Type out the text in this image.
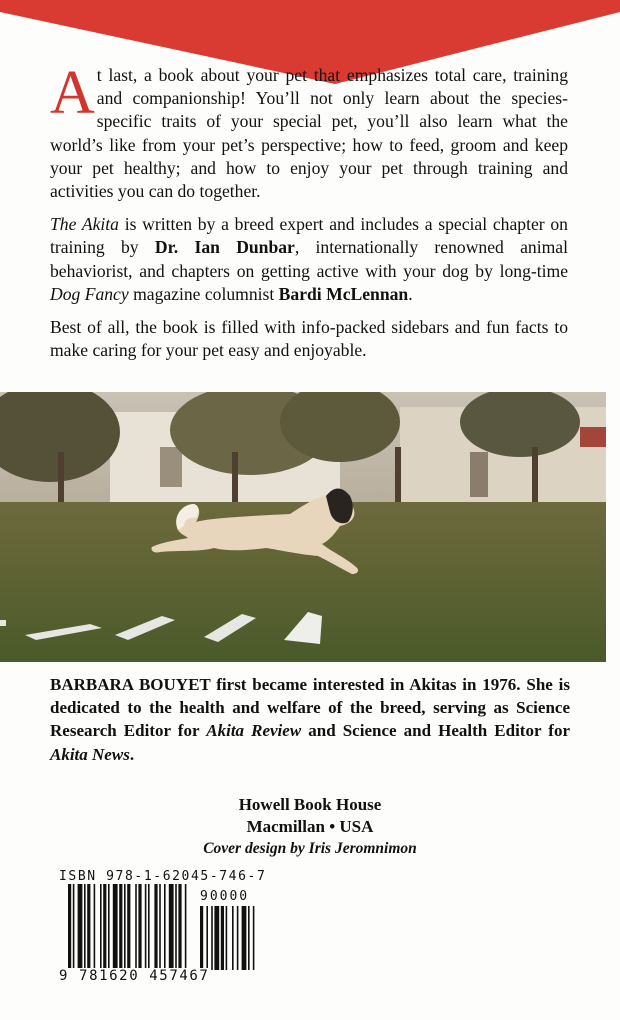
At last, a book about your pet that emphasizes total care, training and companionship! You’ll not only learn about the species-specific traits of your special pet, you’ll also learn what the world’s like from your pet’s perspective; how to feed, groom and keep your pet healthy; and how to enjoy your pet through training and activities you can do together.

The Akita is written by a breed expert and includes a special chapter on training by Dr. Ian Dunbar, internationally renowned animal behaviorist, and chapters on getting active with your dog by long-time Dog Fancy magazine columnist Bardi McLennan.

Best of all, the book is filled with info-packed sidebars and fun facts to make caring for your pet easy and enjoyable.

BARBARA BOUYET first became interested in Akitas in 1976. She is dedicated to the health and welfare of the breed, serving as Science Research Editor for Akita Review and Science and Health Editor for Akita News.
Howell Book House
Macmillan • USA
Cover design by Iris Jeromnimon
ISBN 978-1-62045-746-7
90000
9 781620 457467
